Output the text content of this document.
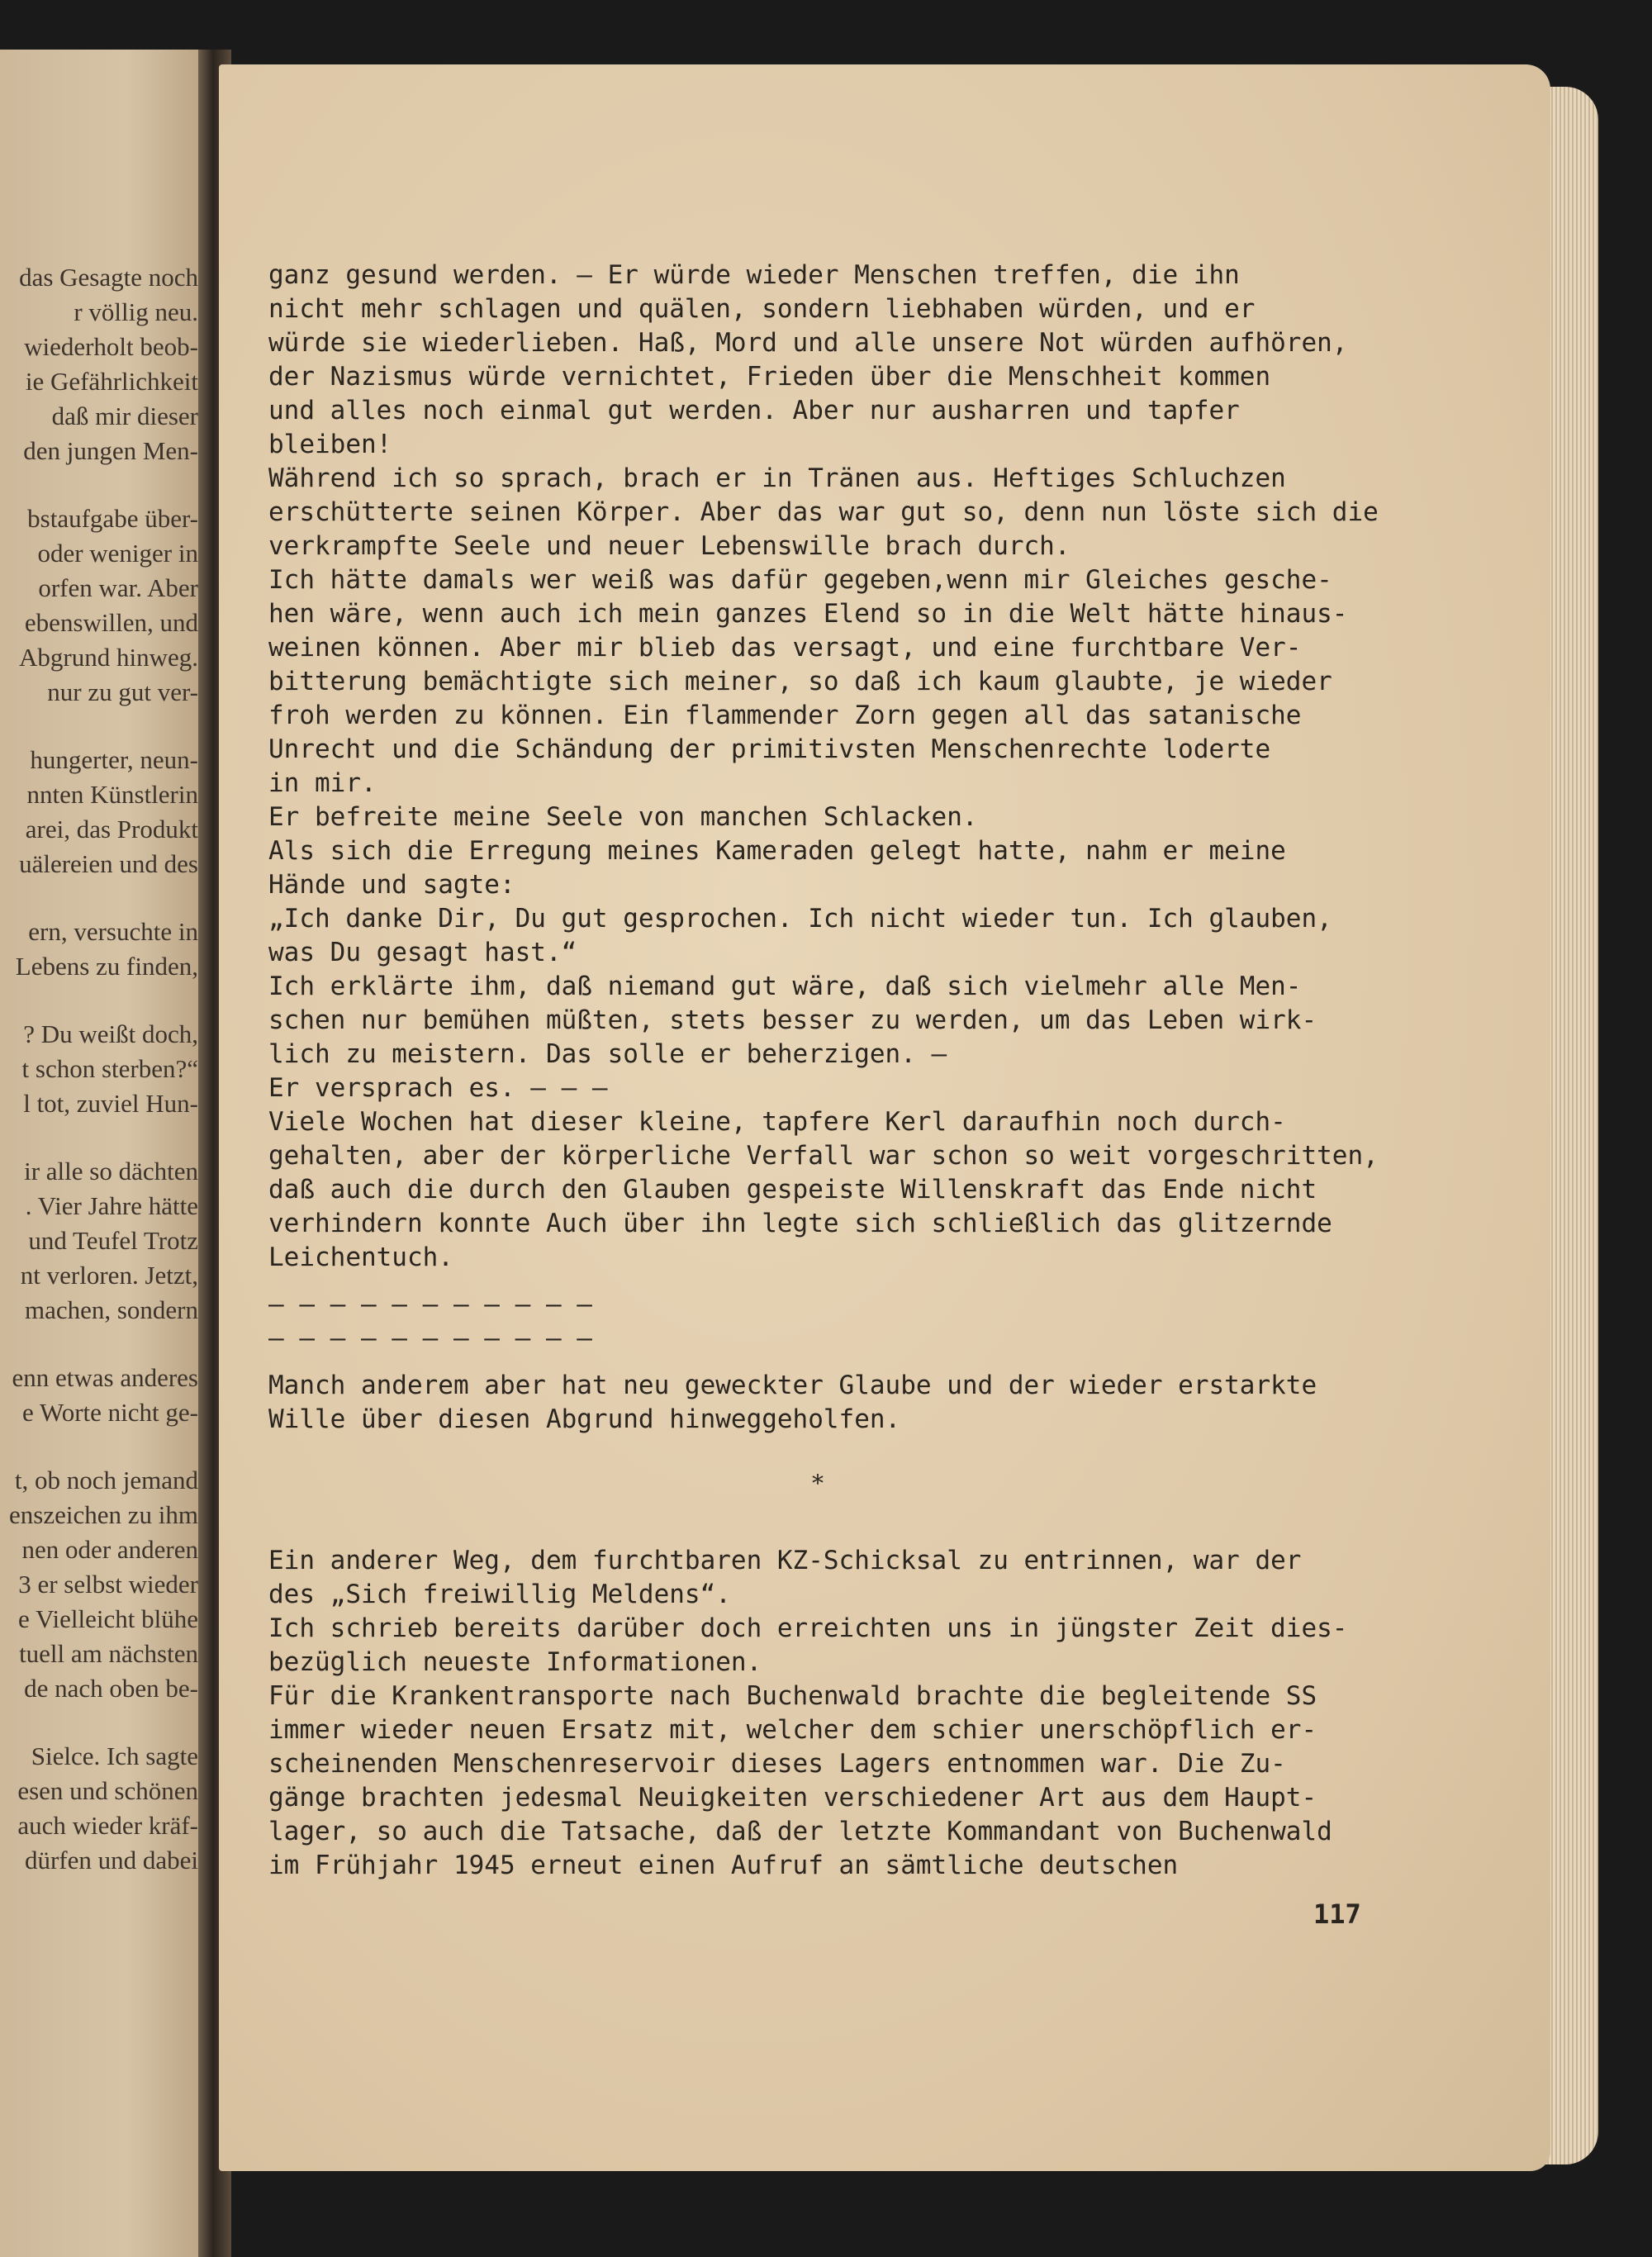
das Gesagte noch
r völlig neu.
wiederholt beob-
ie Gefährlichkeit
daß mir dieser
den jungen Men-
bstaufgabe über-
oder weniger in
orfen war. Aber
ebenswillen, und
Abgrund hinweg.
nur zu gut ver-
hungerter, neun-
nnten Künstlerin
arei, das Produkt
uälereien und des
ern, versuchte in
Lebens zu finden,
? Du weißt doch,
t schon sterben?“
l tot, zuviel Hun-
ir alle so dächten
. Vier Jahre hätte
und Teufel Trotz
nt verloren. Jetzt,
machen, sondern
enn etwas anderes
e Worte nicht ge-
t, ob noch jemand
enszeichen zu ihm
nen oder anderen
3 er selbst wieder
e Vielleicht blühe
tuell am nächsten
de nach oben be-
Sielce. Ich sagte
esen und schönen
auch wieder kräf-
dürfen und dabei
ganz gesund werden. — Er würde wieder Menschen treffen, die ihn
nicht mehr schlagen und quälen, sondern liebhaben würden, und er
würde sie wiederlieben. Haß, Mord und alle unsere Not würden aufhören,
der Nazismus würde vernichtet, Frieden über die Menschheit kommen
und alles noch einmal gut werden. Aber nur ausharren und tapfer
bleiben!
Während ich so sprach, brach er in Tränen aus. Heftiges Schluchzen
erschütterte seinen Körper. Aber das war gut so, denn nun löste sich die
verkrampfte Seele und neuer Lebenswille brach durch.
Ich hätte damals wer weiß was dafür gegeben,wenn mir Gleiches gesche-
hen wäre, wenn auch ich mein ganzes Elend so in die Welt hätte hinaus-
weinen können. Aber mir blieb das versagt, und eine furchtbare Ver-
bitterung bemächtigte sich meiner, so daß ich kaum glaubte, je wieder
froh werden zu können. Ein flammender Zorn gegen all das satanische
Unrecht und die Schändung der primitivsten Menschenrechte loderte
in mir.
Er befreite meine Seele von manchen Schlacken.
Als sich die Erregung meines Kameraden gelegt hatte, nahm er meine
Hände und sagte:
„Ich danke Dir, Du gut gesprochen. Ich nicht wieder tun. Ich glauben,
was Du gesagt hast.“
Ich erklärte ihm, daß niemand gut wäre, daß sich vielmehr alle Men-
schen nur bemühen müßten, stets besser zu werden, um das Leben wirk-
lich zu meistern. Das solle er beherzigen. —
Er versprach es. — — —
Viele Wochen hat dieser kleine, tapfere Kerl daraufhin noch durch-
gehalten, aber der körperliche Verfall war schon so weit vorgeschritten,
daß auch die durch den Glauben gespeiste Willenskraft das Ende nicht
verhindern konnte Auch über ihn legte sich schließlich das glitzernde
Leichentuch.
— — — — — — — — — — —
— — — — — — — — — — —
Manch anderem aber hat neu geweckter Glaube und der wieder erstarkte
Wille über diesen Abgrund hinweggeholfen.
*
Ein anderer Weg, dem furchtbaren KZ-Schicksal zu entrinnen, war der
des „Sich freiwillig Meldens“.
Ich schrieb bereits darüber doch erreichten uns in jüngster Zeit dies-
bezüglich neueste Informationen.
Für die Krankentransporte nach Buchenwald brachte die begleitende SS
immer wieder neuen Ersatz mit, welcher dem schier unerschöpflich er-
scheinenden Menschenreservoir dieses Lagers entnommen war. Die Zu-
gänge brachten jedesmal Neuigkeiten verschiedener Art aus dem Haupt-
lager, so auch die Tatsache, daß der letzte Kommandant von Buchenwald
im Frühjahr 1945 erneut einen Aufruf an sämtliche deutschen
117
